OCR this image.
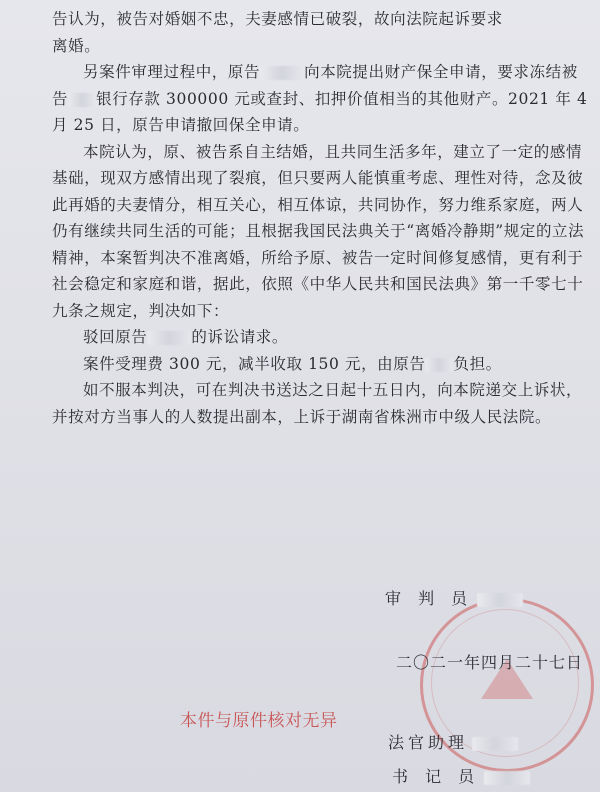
告认为，被告对婚姻不忠，夫妻感情已破裂，故向法院起诉要求
离婚。

另案件审理过程中，原告	向本院提出财产保全申请，要求冻结被告 银行存款 300000 元或查封、扣押价值相当的其他财产。2021 年 4 月 25 日，原告申请撤回保全申请。

本院认为，原、被告系自主结婚，且共同生活多年，建立了一定的感情基础，现双方感情出现了裂痕，但只要两人能慎重考虑、理性对待，念及彼此再婚的夫妻情分，相互关心，相互体谅，共同协作，努力维系家庭，两人仍有继续共同生活的可能；且根据我国民法典关于“离婚冷静期”规定的立法精神，本案暂判决不准离婚，所给予原、被告一定时间修复感情，更有利于社会稳定和家庭和谐，据此，依照《中华人民共和国民法典》第一千零七十九条之规定，判决如下：

驳回原告	的诉讼请求。

案件受理费 300 元，减半收取 150 元，由原告 负担。

如不服本判决，可在判决书送达之日起十五日内，向本院递交上诉状，并按对方当事人的人数提出副本，上诉于湖南省株洲市中级人民法院。

审 判 员
二〇二一年四月二十七日
本件与原件核对无异
法官助理
书 记 员
